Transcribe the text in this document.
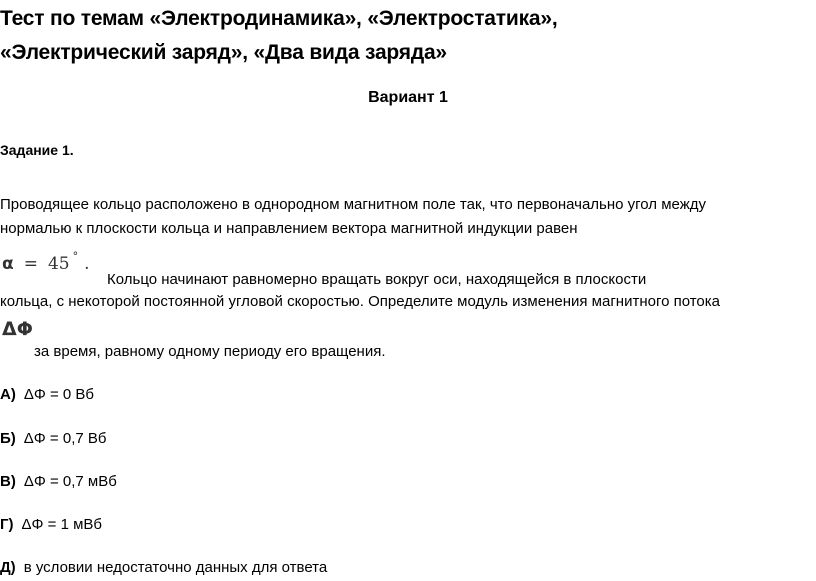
Тест по темам «Электродинамика», «Электростатика»,
«Электрический заряд», «Два вида заряда»
Вариант 1
Задание 1.
Проводящее кольцо расположено в однородном магнитном поле так, что первоначально угол между
нормалью к плоскости кольца и направлением вектора магнитной индукции равен
α = 45 ° .
Кольцо начинают равномерно вращать вокруг оси, находящейся в плоскости
кольца, с некоторой постоянной угловой скоростью. Определите модуль изменения магнитного потока
ΔΦ
за время, равному одному периоду его вращения.
А) ΔΦ = 0 Вб
Б) ΔΦ = 0,7 Вб
В) ΔΦ = 0,7 мВб
Г) ΔΦ = 1 мВб
Д) в условии недостаточно данных для ответа
